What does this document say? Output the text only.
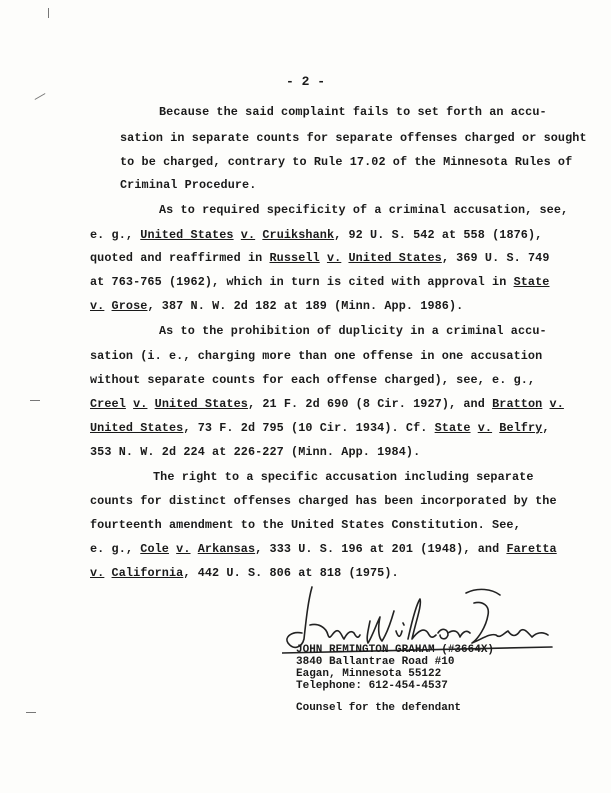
- 2 -
Because the said complaint fails to set forth an accu-
sation in separate counts for separate offenses charged or sought
to be charged, contrary to Rule 17.02 of the Minnesota Rules of
Criminal Procedure.
As to required specificity of a criminal accusation, see,
e. g., United States v. Cruikshank, 92 U. S. 542 at 558 (1876),
quoted and reaffirmed in Russell v. United States, 369 U. S. 749
at 763-765 (1962), which in turn is cited with approval in State
v. Grose, 387 N. W. 2d 182 at 189 (Minn. App. 1986).
As to the prohibition of duplicity in a criminal accu-
sation (i. e., charging more than one offense in one accusation
without separate counts for each offense charged), see, e. g.,
Creel v. United States, 21 F. 2d 690 (8 Cir. 1927), and Bratton v.
United States, 73 F. 2d 795 (10 Cir. 1934). Cf. State v. Belfry,
353 N. W. 2d 224 at 226-227 (Minn. App. 1984).
The right to a specific accusation including separate
counts for distinct offenses charged has been incorporated by the
fourteenth amendment to the United States Constitution. See,
e. g., Cole v. Arkansas, 333 U. S. 196 at 201 (1948), and Faretta
v. California, 442 U. S. 806 at 818 (1975).
JOHN REMINGTON GRAHAM (#3664X)
3840 Ballantrae Road #10
Eagan, Minnesota 55122
Telephone: 612-454-4537
Counsel for the defendant
